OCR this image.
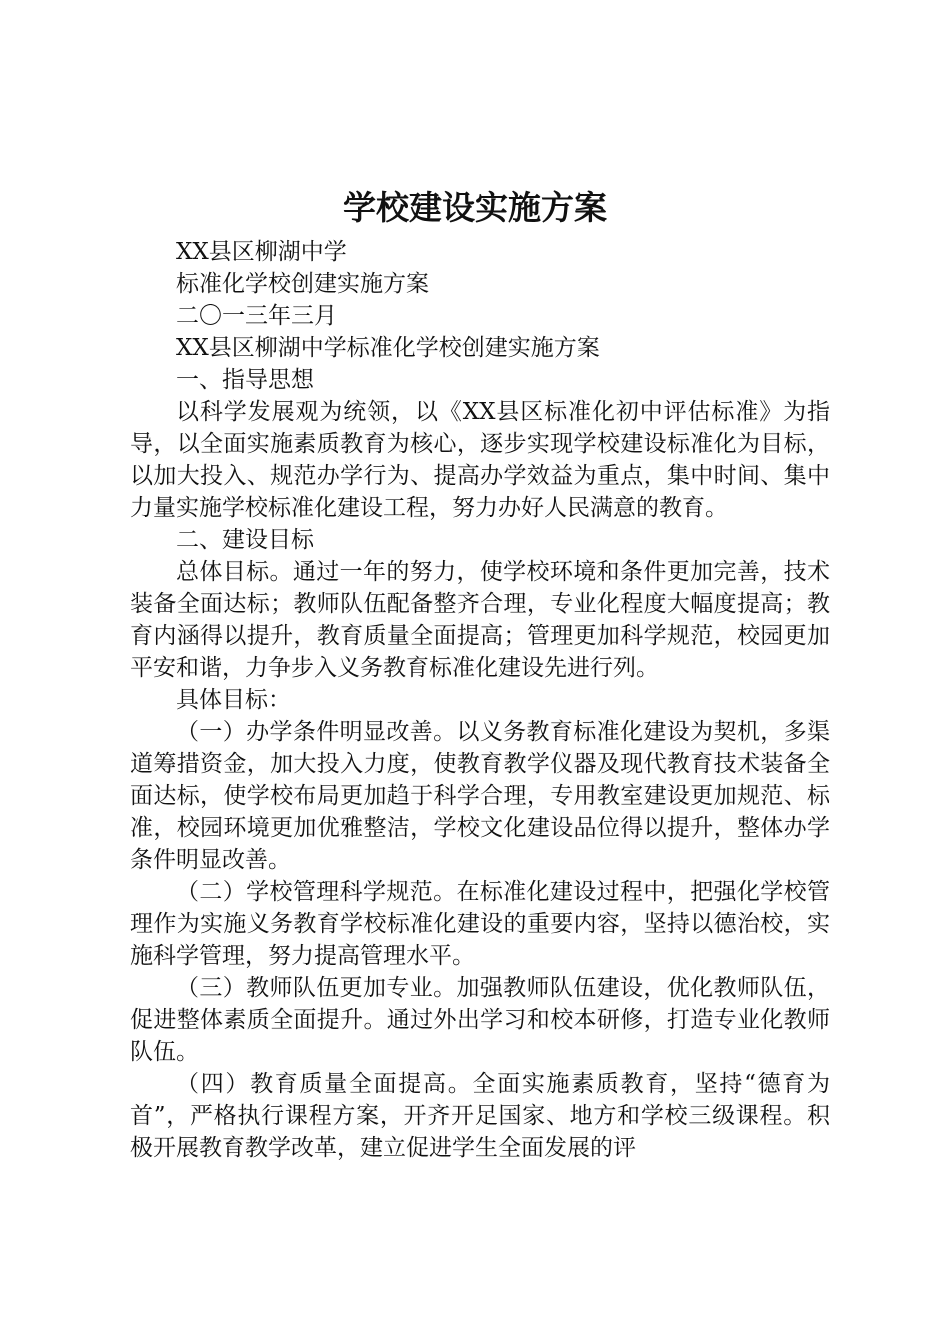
学校建设实施方案

XX县区柳湖中学

标准化学校创建实施方案

二〇一三年三月

XX县区柳湖中学标准化学校创建实施方案

一、指导思想

以科学发展观为统领，以《XX县区标准化初中评估标准》为指导，以全面实施素质教育为核心，逐步实现学校建设标准化为目标，以加大投入、规范办学行为、提高办学效益为重点，集中时间、集中力量实施学校标准化建设工程，努力办好人民满意的教育。

二、建设目标

总体目标。通过一年的努力，使学校环境和条件更加完善，技术装备全面达标；教师队伍配备整齐合理，专业化程度大幅度提高；教育内涵得以提升，教育质量全面提高；管理更加科学规范，校园更加平安和谐，力争步入义务教育标准化建设先进行列。

具体目标：

（一）办学条件明显改善。以义务教育标准化建设为契机，多渠道筹措资金，加大投入力度，使教育教学仪器及现代教育技术装备全面达标，使学校布局更加趋于科学合理，专用教室建设更加规范、标准，校园环境更加优雅整洁，学校文化建设品位得以提升，整体办学条件明显改善。

（二）学校管理科学规范。在标准化建设过程中，把强化学校管理作为实施义务教育学校标准化建设的重要内容，坚持以德治校，实施科学管理，努力提高管理水平。

（三）教师队伍更加专业。加强教师队伍建设，优化教师队伍，促进整体素质全面提升。通过外出学习和校本研修，打造专业化教师队伍。

（四）教育质量全面提高。全面实施素质教育，坚持“德育为首”，严格执行课程方案，开齐开足国家、地方和学校三级课程。积极开展教育教学改革，建立促进学生全面发展的评
